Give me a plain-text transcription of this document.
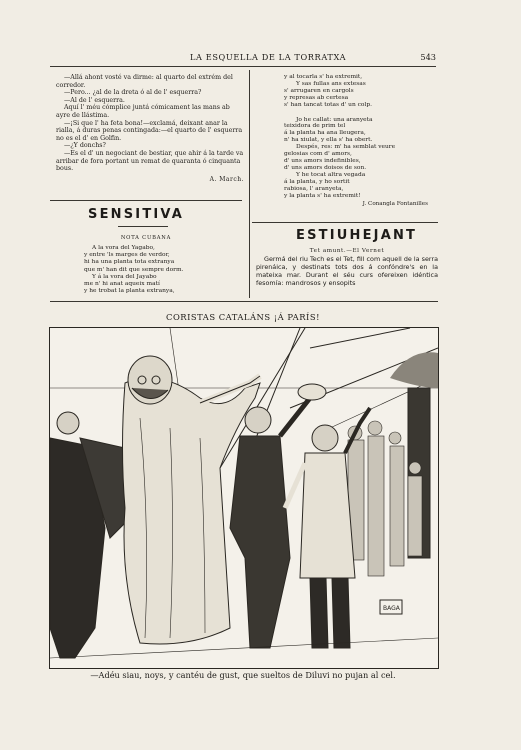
LA ESQUELLA DE LA TORRATXA	543

—Allá ahont vosté va dirme: al quarto del extrém del corredor.

—Pero... ¿al de la dreta ó al de l' esquerra?

—Al de l' esquerra.

Aquí l' méu cómplice juntá cómicament las mans ab ayre de llástima.

—¡Si que l' ha feta bona!—exclamá, deixant anar la rialla, á duras penas contingada:—el quarto de l' esquerra no es el d' en Golfin.

—¿Y donchs?

—Es el d' un negociant de bestiar, que ahir á la tarde va arribar de fora portant un remat de quaranta ó cinquanta bous.

A. March.

y al tocarla s' ha extremit,

Y sas fullas ans extesas

s' arrugaren en cargols

y represas ab certesa

s' han tancat totas d' un colp.

Jo he callat: una aranyeta

teixidora de prim tel

á la planta ha ana lleugera,

n' ha xiulat, y ella s' ha obert.

Despés, res: m' ha semblat veure

gelosias com d' amors,

d' uns amors indefinibles,

d' uns amors doisos de son.

Y he tocat altra vegada

á la planta, y ho sortit

rabiosa, l' aranyeta,

y la planta s' ha extremit!

J. Conangla Fontanilles

SENSITIVA
NOTA CUBANA

A la vora del Yagabo,

y entre 'ls marges de verdor,

hi ha una planta tota extranya

que m' han dit que sempre dorm.

Y á la vora del Jayabo

me n' hi anat aqueix matí

y he trobat la planta extranya,

ESTIUHEJANT
Tet amunt.—El Vernet

Germá del riu Tech es el Tet, fill com aquell de la serra pirenáica, y destinats tots dos á confóndre's en la mateixa mar. Durant el séu curs ofereixen idéntica fesomía: mandrosos y ensopits

CORISTAS CATALÁNS ¡Á PARÍS!
BAGA
—Adéu siau, noys, y cantéu de gust, que sueltos de Diluvi no pujan al cel.
